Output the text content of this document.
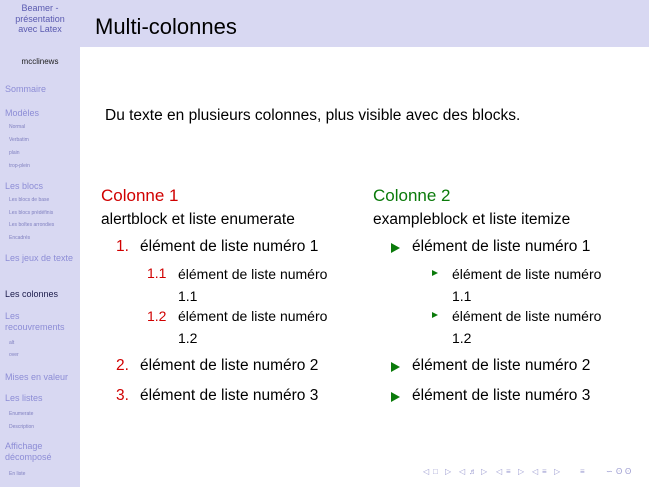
Beamer -
présentation
avec Latex
mcclinews
Sommaire
Modèles
Normal
Verbatim
plain
trop-plein
Les blocs
Les blocs de base
Les blocs prédéfinis
Les boîtes arrondies
Encadrés
Les jeux de texte
Les colonnes
Les recouvrements
alt
over
Mises en valeur
Les listes
Enumerate
Description
Affichage décomposé
En liste
Multi-colonnes
Du texte en plusieurs colonnes, plus visible avec des blocks.
Colonne 1
alertblock et liste enumerate
1. élément de liste numéro 1
1.1 élément de liste numéro
1.1
1.2 élément de liste numéro
1.2
2. élément de liste numéro 2
3. élément de liste numéro 3
Colonne 2
exampleblock et liste itemize
élément de liste numéro 1
élément de liste numéro
1.1
élément de liste numéro
1.2
élément de liste numéro 2
élément de liste numéro 3
◁ □ ▷ ◁ ♬ ▷ ◁ ≡ ▷ ◁ ≡ ▷ ≡	∽ ʘ ʘ
